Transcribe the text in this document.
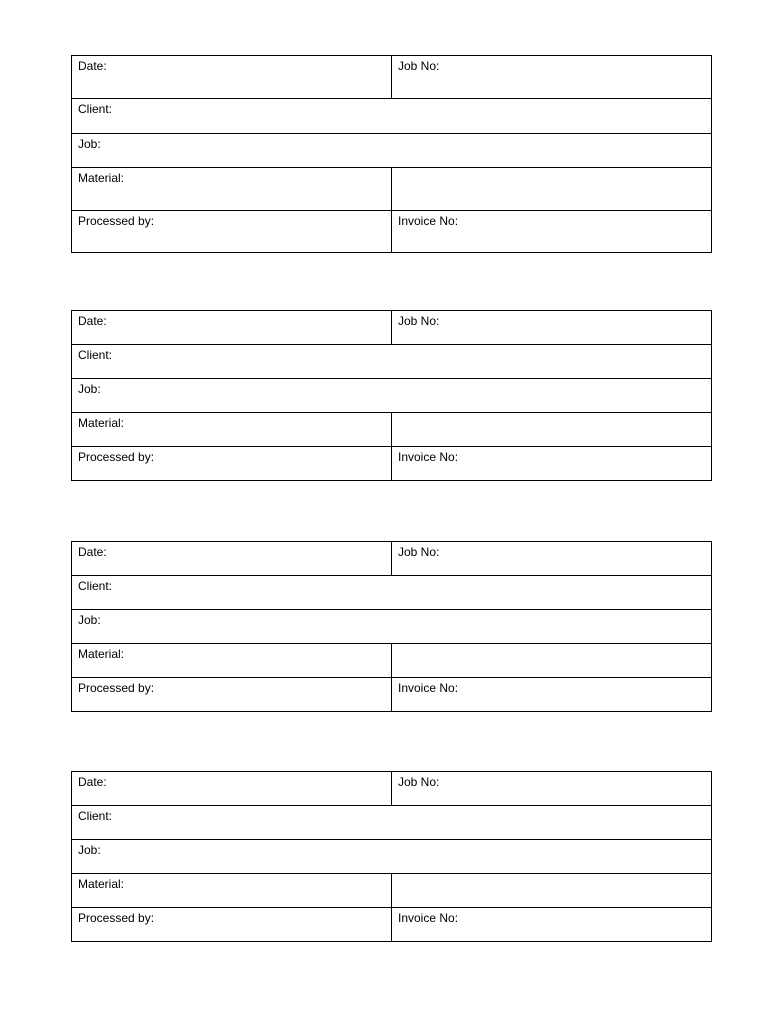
Date:	Job No:
Client:	
Job:	
Material:	
Processed by:	Invoice No:
Date:	Job No:
Client:	
Job:	
Material:	
Processed by:	Invoice No:
Date:	Job No:
Client:	
Job:	
Material:	
Processed by:	Invoice No:
Date:	Job No:
Client:	
Job:	
Material:	
Processed by:	Invoice No:
